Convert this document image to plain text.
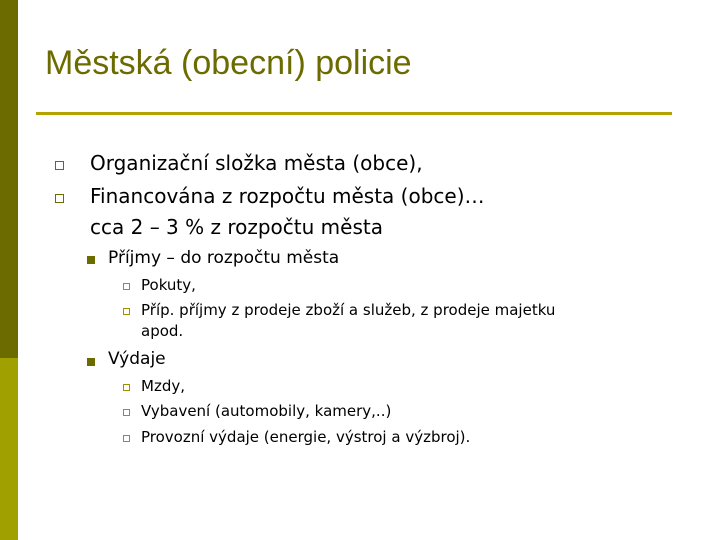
Městská (obecní) policie
Organizační složka města (obce),
Financována z rozpočtu města (obce)…
cca 2 – 3 % z rozpočtu města
Příjmy – do rozpočtu města
Pokuty,
Příp. příjmy z prodeje zboží a služeb, z prodeje majetku
apod.
Výdaje
Mzdy,
Vybavení (automobily, kamery,..)
Provozní výdaje (energie, výstroj a výzbroj).
